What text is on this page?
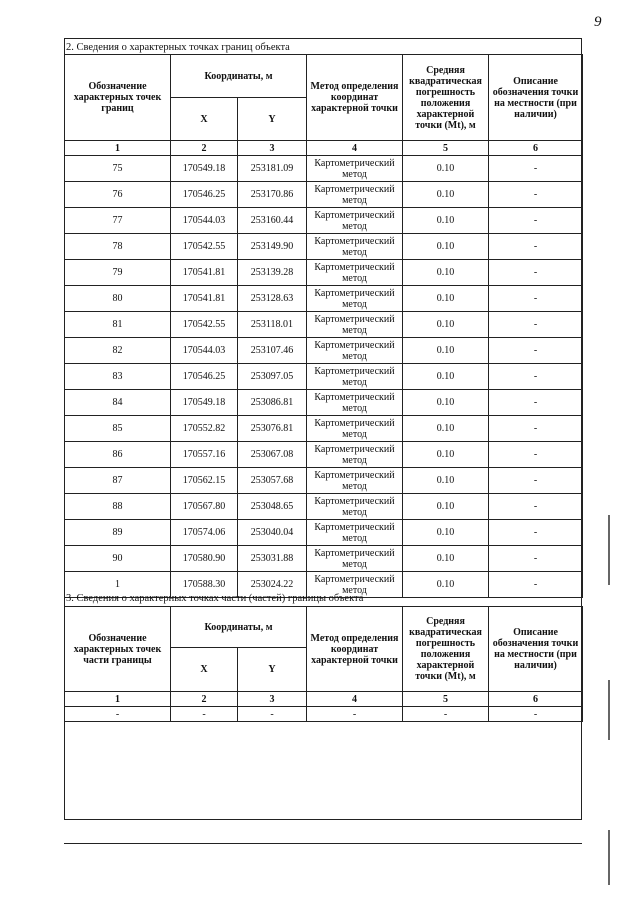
9
2. Сведения о характерных точках границ объекта
Обозначение характерных точек границ	Координаты, м		Метод определения координат характерной точки	Средняя квадратическая погрешность положения характерной точки (Mt), м	Описание обозначения точки на местности (при наличии)
	X	Y			
1	2	3	4	5	6
75	170549.18	253181.09	Картометрический метод	0.10	-
76	170546.25	253170.86	Картометрический метод	0.10	-
77	170544.03	253160.44	Картометрический метод	0.10	-
78	170542.55	253149.90	Картометрический метод	0.10	-
79	170541.81	253139.28	Картометрический метод	0.10	-
80	170541.81	253128.63	Картометрический метод	0.10	-
81	170542.55	253118.01	Картометрический метод	0.10	-
82	170544.03	253107.46	Картометрический метод	0.10	-
83	170546.25	253097.05	Картометрический метод	0.10	-
84	170549.18	253086.81	Картометрический метод	0.10	-
85	170552.82	253076.81	Картометрический метод	0.10	-
86	170557.16	253067.08	Картометрический метод	0.10	-
87	170562.15	253057.68	Картометрический метод	0.10	-
88	170567.80	253048.65	Картометрический метод	0.10	-
89	170574.06	253040.04	Картометрический метод	0.10	-
90	170580.90	253031.88	Картометрический метод	0.10	-
1	170588.30	253024.22	Картометрический метод	0.10	-
3. Сведения о характерных точках части (частей) границы объекта
Обозначение характерных точек части границы	Координаты, м		Метод определения координат характерной точки	Средняя квадратическая погрешность положения характерной точки (Mt), м	Описание обозначения точки на местности (при наличии)
	X	Y			
1	2	3	4	5	6
-	-	-	-	-	-
